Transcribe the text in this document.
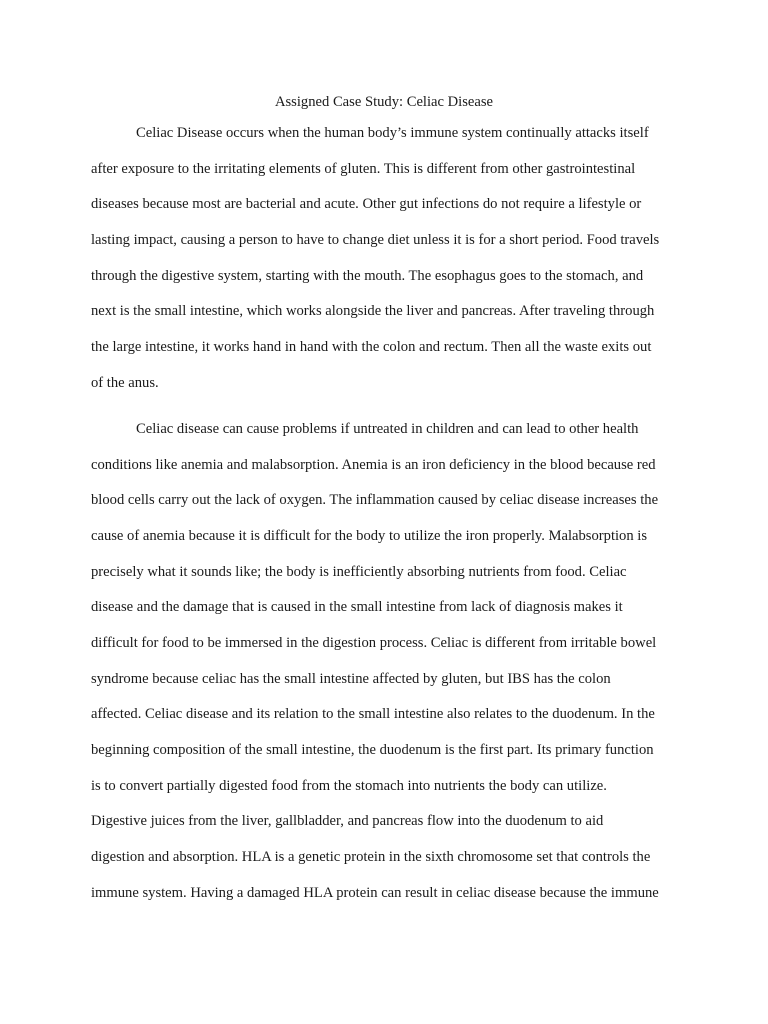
Assigned Case Study: Celiac Disease

Celiac Disease occurs when the human body’s immune system continually attacks itself

after exposure to the irritating elements of gluten. This is different from other gastrointestinal

diseases because most are bacterial and acute. Other gut infections do not require a lifestyle or

lasting impact, causing a person to have to change diet unless it is for a short period. Food travels

through the digestive system, starting with the mouth. The esophagus goes to the stomach, and

next is the small intestine, which works alongside the liver and pancreas. After traveling through

the large intestine, it works hand in hand with the colon and rectum. Then all the waste exits out

of the anus.

Celiac disease can cause problems if untreated in children and can lead to other health

conditions like anemia and malabsorption. Anemia is an iron deficiency in the blood because red

blood cells carry out the lack of oxygen. The inflammation caused by celiac disease increases the

cause of anemia because it is difficult for the body to utilize the iron properly. Malabsorption is

precisely what it sounds like; the body is inefficiently absorbing nutrients from food. Celiac

disease and the damage that is caused in the small intestine from lack of diagnosis makes it

difficult for food to be immersed in the digestion process. Celiac is different from irritable bowel

syndrome because celiac has the small intestine affected by gluten, but IBS has the colon

affected. Celiac disease and its relation to the small intestine also relates to the duodenum. In the

beginning composition of the small intestine, the duodenum is the first part. Its primary function

is to convert partially digested food from the stomach into nutrients the body can utilize.

Digestive juices from the liver, gallbladder, and pancreas flow into the duodenum to aid

digestion and absorption. HLA is a genetic protein in the sixth chromosome set that controls the

immune system. Having a damaged HLA protein can result in celiac disease because the immune
